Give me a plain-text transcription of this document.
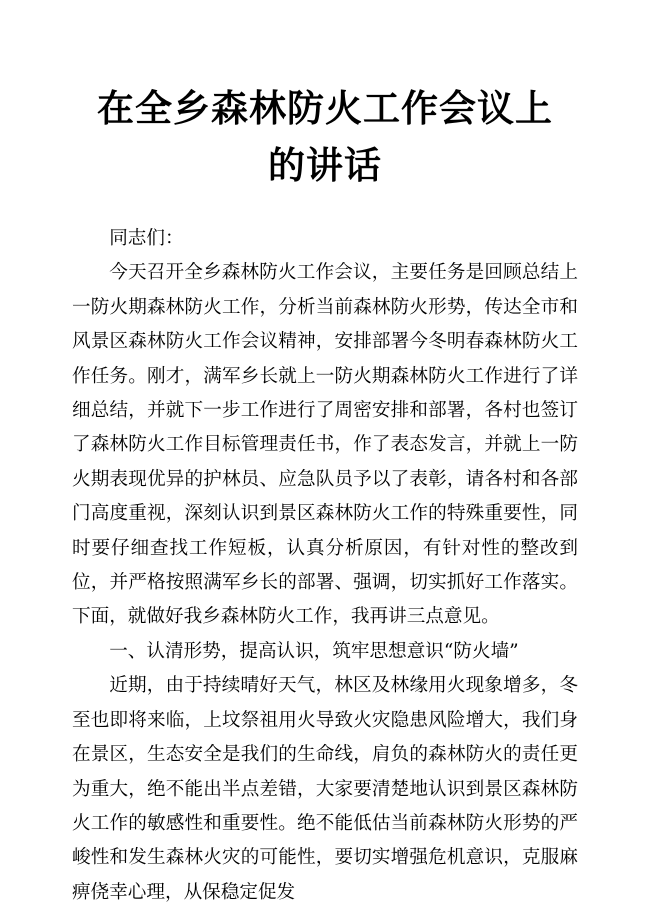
在全乡森林防火工作会议上
的讲话

同志们：

今天召开全乡森林防火工作会议，主要任务是回顾总结上一防火期森林防火工作，分析当前森林防火形势，传达全市和风景区森林防火工作会议精神，安排部署今冬明春森林防火工作任务。刚才，满军乡长就上一防火期森林防火工作进行了详细总结，并就下一步工作进行了周密安排和部署，各村也签订了森林防火工作目标管理责任书，作了表态发言，并就上一防火期表现优异的护林员、应急队员予以了表彰，请各村和各部门高度重视，深刻认识到景区森林防火工作的特殊重要性，同时要仔细查找工作短板，认真分析原因，有针对性的整改到位，并严格按照满军乡长的部署、强调，切实抓好工作落实。下面，就做好我乡森林防火工作，我再讲三点意见。

一、认清形势，提高认识，筑牢思想意识“防火墙”

近期，由于持续晴好天气，林区及林缘用火现象增多，冬至也即将来临，上坟祭祖用火导致火灾隐患风险增大，我们身在景区，生态安全是我们的生命线，肩负的森林防火的责任更为重大，绝不能出半点差错，大家要清楚地认识到景区森林防火工作的敏感性和重要性。绝不能低估当前森林防火形势的严峻性和发生森林火灾的可能性，要切实增强危机意识，克服麻痹侥幸心理，从保稳定促发
